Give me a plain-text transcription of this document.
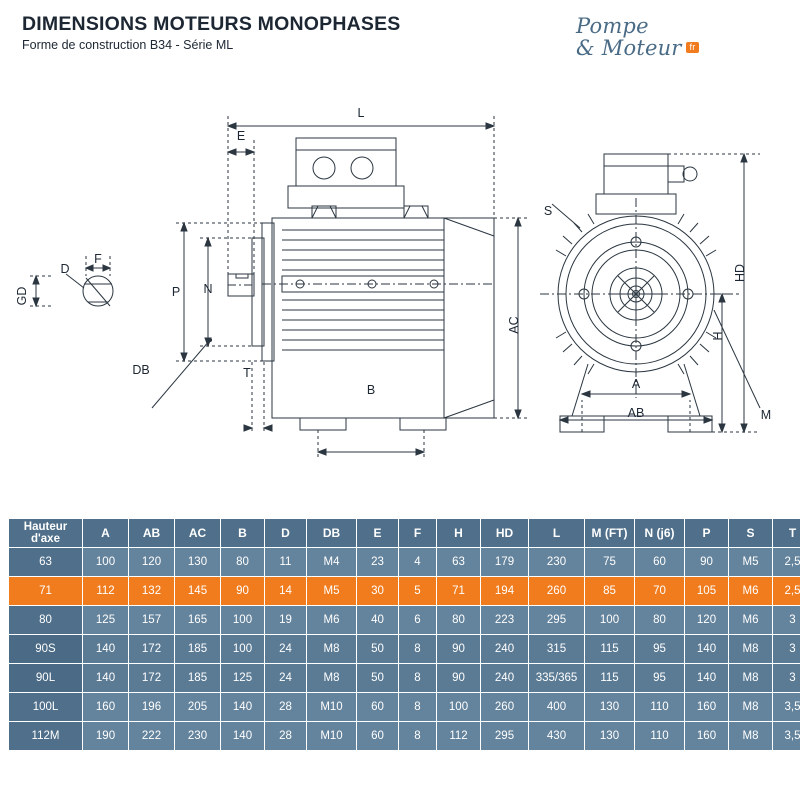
DIMENSIONS MOTEURS MONOPHASES
Forme de construction B34 - Série ML
Pompe
& Moteur fr
L
E
AC
P N
DB	T
B
GD
D
F
S
HD
H
A
AB	M
Hauteur
d'axe	A	AB	AC	B	D	DB	E	F	H	HD	L	M (FT)	N (j6)	P	S	T
63	100	120	130	80	11	M4	23	4	63	179	230	75	60	90	M5	2,5
71	112	132	145	90	14	M5	30	5	71	194	260	85	70	105	M6	2,5
80	125	157	165	100	19	M6	40	6	80	223	295	100	80	120	M6	3
90S	140	172	185	100	24	M8	50	8	90	240	315	115	95	140	M8	3
90L	140	172	185	125	24	M8	50	8	90	240	335/365	115	95	140	M8	3
100L	160	196	205	140	28	M10	60	8	100	260	400	130	110	160	M8	3,5
112M	190	222	230	140	28	M10	60	8	112	295	430	130	110	160	M8	3,5
